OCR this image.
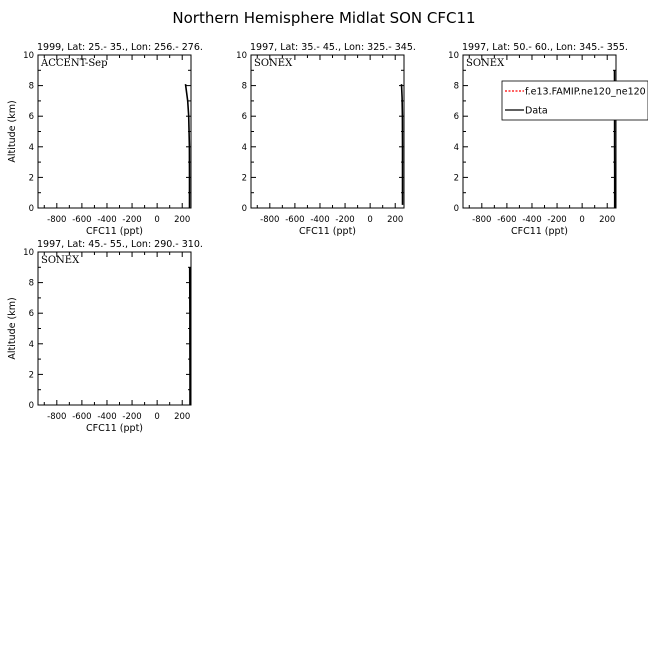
Northern Hemisphere Midlat SON CFC11
-800 -600 -400 -200 0 200
0
2
4
6
8
10
CFC11 (ppt)
Altitude (km)
1999, Lat: 25.- 35., Lon: 256.- 276.
ACCENT-Sep
-800 -600 -400 -200 0 200
0
2
4
6
8
10
CFC11 (ppt)
1997, Lat: 35.- 45., Lon: 325.- 345.
SONEX
-800 -600 -400 -200 0 200
0
2
4
6
8
10
CFC11 (ppt)
1997, Lat: 50.- 60., Lon: 345.- 355.
SONEX
-800 -600 -400 -200 0 200
0
2
4
6
8
10
CFC11 (ppt)
Altitude (km)
1997, Lat: 45.- 55., Lon: 290.- 310.
SONEX
f.e13.FAMIP.ne120_ne120
Data
